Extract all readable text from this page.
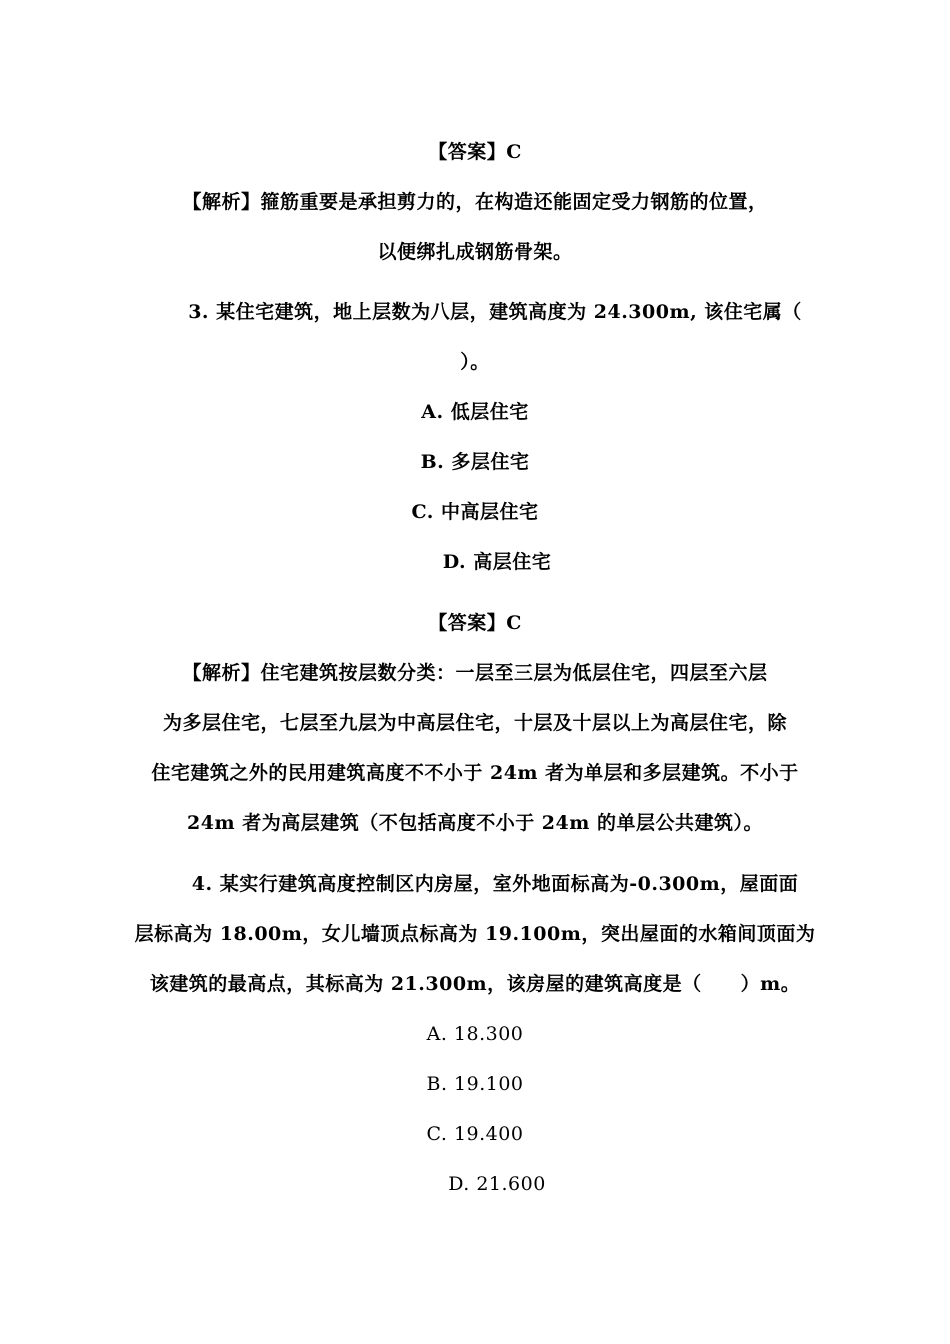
【答案】C
【解析】箍筋重要是承担剪力的，在构造还能固定受力钢筋的位置，
以便绑扎成钢筋骨架。
3. 某住宅建筑，地上层数为八层，建筑高度为 24.300m, 该住宅属（
）。
A. 低层住宅
B. 多层住宅
C. 中高层住宅
D. 高层住宅
【答案】C
【解析】住宅建筑按层数分类：一层至三层为低层住宅，四层至六层
为多层住宅，七层至九层为中高层住宅，十层及十层以上为高层住宅，除
住宅建筑之外的民用建筑高度不不小于 24m 者为单层和多层建筑。不小于
24m 者为高层建筑（不包括高度不小于 24m 的单层公共建筑）。
4. 某实行建筑高度控制区内房屋，室外地面标高为-0.300m，屋面面
层标高为 18.00m，女儿墙顶点标高为 19.100m，突出屋面的水箱间顶面为
该建筑的最高点，其标高为 21.300m，该房屋的建筑高度是（　　）m。
A. 18.300
B. 19.100
C. 19.400
D. 21.600
